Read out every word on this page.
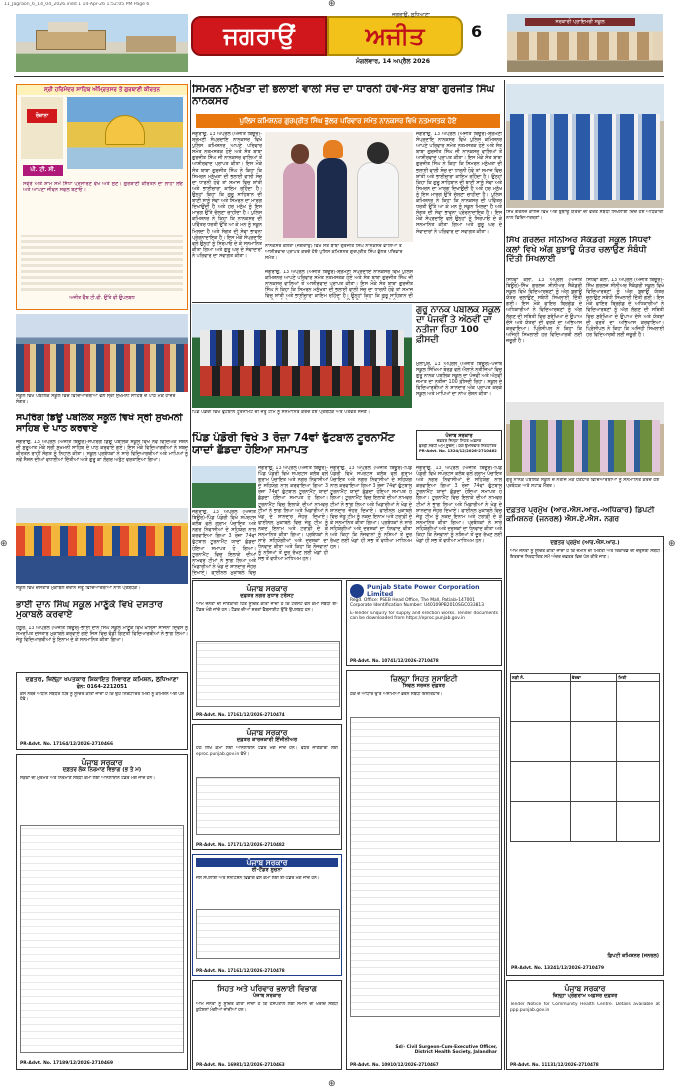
⊕
⊕	⊕
⊕
11_Jagraon_6_14_04_2026.indd 1 14-Apr-26 1:52:05 PM Page 6
ਜਗਰਾਉਂ	ਅਜੀਤ
ਜਗਰਾਉਂ, ਲੁਧਿਆਣਾ
ਮੰਗਲਵਾਰ, 14 ਅਪ੍ਰੈਲ 2026
6	ਸਰਕਾਰੀ ਪ੍ਰਾਇਮਰੀ ਸਕੂਲ
ਸ੍ਰੀ ਹਰਿਮੰਦਰ ਸਾਹਿਬ ਅੰਮ੍ਰਿਤਸਰ ਤੋਂ ਗੁਰਬਾਣੀ ਕੀਰਤਨ
ਰੋਜ਼ਾਨਾ
ਪੀ. ਟੀ. ਸੀ.
ਸਵੇਰੇ ਅਤੇ ਸ਼ਾਮ ਸਮੇਂ ਸਿੱਧਾ ਪ੍ਰਸਾਰਣ ਵੇਖੋ ਅਤੇ ਸੁਣੋ। ਗੁਰਬਾਣੀ ਕੀਰਤਨ ਦਾ ਲਾਹਾ ਲਓ ਅਤੇ ਆਪਣਾ ਜੀਵਨ ਸਫਲ ਬਣਾਓ।
ਅਜੀਤ ਵੈੱਬ ਟੀ.ਵੀ. ਉੱਤੇ ਵੀ ਉਪਲਬਧ
ਸਕੂਲ ਵਿਖੇ ਪਬਲਿਕ ਸਕੂਲ ਵਿਚ ਵਿਦਿਆਰਥੀਆਂ ਵਲੋਂ ਸ੍ਰੀ ਸੁਖਮਨੀ ਸਾਹਿਬ ਦੇ ਪਾਠ ਮੌਕੇ ਹਾਜ਼ਰ ਸੰਗਤ।
ਸਪਰਿੰਗ ਡਿਊ ਪਬਲਿਕ ਸਕੂਲ ਵਿਖੇ ਸ੍ਰੀ ਸੁਖਮਨੀ ਸਾਹਿਬ ਦੇ ਪਾਠ ਕਰਵਾਏ
ਜਗਰਾਉਂ, 13 ਅਪ੍ਰੈਲ (ਅਜੀਤ ਬਿਊਰੋ)-ਸਪਰਿੰਗ ਡਿਊ ਪਬਲਿਕ ਸਕੂਲ ਵਿਖੇ ਨਵੇਂ ਵਿੱਦਿਅਕ ਸੈਸ਼ਨ ਦੀ ਸ਼ੁਰੂਆਤ ਮੌਕੇ ਸ੍ਰੀ ਸੁਖਮਨੀ ਸਾਹਿਬ ਦੇ ਪਾਠ ਕਰਵਾਏ ਗਏ। ਇਸ ਮੌਕੇ ਵਿਦਿਆਰਥੀਆਂ ਨੇ ਸ਼ਬਦ ਕੀਰਤਨ ਰਾਹੀਂ ਸੰਗਤ ਨੂੰ ਨਿਹਾਲ ਕੀਤਾ। ਸਕੂਲ ਪ੍ਰਬੰਧਕਾਂ ਨੇ ਸਾਰੇ ਵਿਦਿਆਰਥੀਆਂ ਅਤੇ ਮਾਪਿਆਂ ਨੂੰ ਨਵੇਂ ਸੈਸ਼ਨ ਦੀਆਂ ਵਧਾਈਆਂ ਦਿੱਤੀਆਂ ਅਤੇ ਗੁਰੂ ਕਾ ਲੰਗਰ ਅਤੁੱਟ ਵਰਤਾਇਆ ਗਿਆ।
ਸਕੂਲ ਵਿਖੇ ਦਸਤਾਰ ਮੁਕਾਬਲੇ ਦੌਰਾਨ ਜੇਤੂ ਵਿਦਿਆਰਥੀਆਂ ਨਾਲ ਪ੍ਰਬੰਧਕ।
ਭਾਈ ਦਾਨ ਸਿੰਘ ਸਕੂਲ ਮਾਣੂੰਕੇ ਵਿਖੇ ਦਸਤਾਰ ਮੁਕਾਬਲੇ ਕਰਵਾਏ
ਹਠੂਰ, 13 ਅਪ੍ਰੈਲ (ਅਜੀਤ ਬਿਊਰੋ)-ਭਾਈ ਦਾਨ ਸਿੰਘ ਸਕੂਲ ਮਾਣੂੰਕੇ ਵਿਖੇ ਖ਼ਾਲਸਾ ਸਾਜਨਾ ਦਿਵਸ ਨੂੰ ਸਮਰਪਿਤ ਦਸਤਾਰ ਮੁਕਾਬਲੇ ਕਰਵਾਏ ਗਏ ਜਿਸ ਵਿਚ ਵੱਡੀ ਗਿਣਤੀ ਵਿਦਿਆਰਥੀਆਂ ਨੇ ਭਾਗ ਲਿਆ। ਜੇਤੂ ਵਿਦਿਆਰਥੀਆਂ ਨੂੰ ਇਨਾਮ ਦੇ ਕੇ ਸਨਮਾਨਿਤ ਕੀਤਾ ਗਿਆ।
ਦਫ਼ਤਰ, ਜ਼ਿਲ੍ਹਾ ਖਪਤਕਾਰ ਸ਼ਿਕਾਇਤ ਨਿਵਾਰਣ ਕਮਿਸ਼ਨ, ਲੁਧਿਆਣਾ
ਫੋਨ: 0164-2212051
ਕੇਸ ਨੰਬਰ ਅਧੀਨ ਸਬੰਧਤ ਧਿਰ ਨੂੰ ਸੂਚਿਤ ਕੀਤਾ ਜਾਂਦਾ ਹੈ ਕਿ ਉਹ ਨਿਰਧਾਰਿਤ ਮਿਤੀ ਨੂੰ ਕਮਿਸ਼ਨ ਅੱਗੇ ਪੇਸ਼ ਹੋਵੇ।
PR-Advt. No. 17164/12/2026-2710466
ਸਿਮਰਨ ਮਨੁੱਖਤਾ ਦੀ ਭਲਾਈ ਵਾਲੀ ਸੋਚ ਦਾ ਧਾਰਨੀ ਹੋਵੇ-ਸੰਤ ਬਾਬਾ ਗੁਰਜੀਤ ਸਿੰਘ ਨਾਨਕਸਰ
ਪੁਲਿਸ ਕਮਿਸ਼ਨਰ ਗੁਰਪ੍ਰੀਤ ਸਿੰਘ ਭੁੱਲਰ ਪਰਿਵਾਰ ਸਮੇਤ ਨਾਨਕਸਰ ਵਿਖੇ ਨਤਮਸਤਕ ਹੋਏ
ਜਗਰਾਉਂ, 13 ਅਪ੍ਰੈਲ (ਅਜੀਤ ਬਿਊਰੋ)-ਸ਼੍ਰੋਮਣੀ ਸੰਪ੍ਰਦਾਇ ਨਾਨਕਸਰ ਵਿਖੇ ਪੁਲਿਸ ਕਮਿਸ਼ਨਰ ਆਪਣੇ ਪਰਿਵਾਰ ਸਮੇਤ ਨਤਮਸਤਕ ਹੋਏ ਅਤੇ ਸੰਤ ਬਾਬਾ ਗੁਰਜੀਤ ਸਿੰਘ ਜੀ ਨਾਨਕਸਰ ਵਾਲਿਆਂ ਤੋਂ ਆਸ਼ੀਰਵਾਦ ਪ੍ਰਾਪਤ ਕੀਤਾ। ਇਸ ਮੌਕੇ ਸੰਤ ਬਾਬਾ ਗੁਰਜੀਤ ਸਿੰਘ ਨੇ ਕਿਹਾ ਕਿ ਸਿਮਰਨ ਮਨੁੱਖਤਾ ਦੀ ਭਲਾਈ ਵਾਲੀ ਸੋਚ ਦਾ ਧਾਰਨੀ ਹੋਵੇ ਤਾਂ ਸਮਾਜ ਵਿਚ ਸ਼ਾਂਤੀ ਅਤੇ ਭਾਈਚਾਰਾ ਕਾਇਮ ਰਹਿੰਦਾ ਹੈ। ਉਨ੍ਹਾਂ ਕਿਹਾ ਕਿ ਗੁਰੂ ਸਾਹਿਬਾਨ ਦੀ ਬਾਣੀ ਸਾਨੂੰ ਸੇਵਾ ਅਤੇ ਸਿਮਰਨ ਦਾ ਮਾਰਗ ਦਿਖਾਉਂਦੀ ਹੈ ਅਤੇ ਹਰ ਮਨੁੱਖ ਨੂੰ ਇਸ ਮਾਰਗ ਉੱਤੇ ਚੱਲਣਾ ਚਾਹੀਦਾ ਹੈ। ਪੁਲਿਸ ਕਮਿਸ਼ਨਰ ਨੇ ਕਿਹਾ ਕਿ ਨਾਨਕਸਰ ਦੀ ਪਵਿੱਤਰ ਧਰਤੀ ਉੱਤੇ ਆ ਕੇ ਮਨ ਨੂੰ ਸਕੂਨ ਮਿਲਦਾ ਹੈ ਅਤੇ ਸੰਗਤ ਦੀ ਸੇਵਾ ਭਾਵਨਾ ਪ੍ਰੇਰਨਾਦਾਇਕ ਹੈ। ਇਸ ਮੌਕੇ ਸੰਪ੍ਰਦਾਇ ਵਲੋਂ ਉਨ੍ਹਾਂ ਨੂੰ ਸਿਰੋਪਾਓ ਦੇ ਕੇ ਸਨਮਾਨਿਤ ਕੀਤਾ ਗਿਆ ਅਤੇ ਗੁਰੂ ਘਰ ਦੇ ਸੇਵਾਦਾਰਾਂ ਨੇ ਪਰਿਵਾਰ ਦਾ ਸਵਾਗਤ ਕੀਤਾ।
ਨਾਨਕਸਰ ਕਲੇਰਾਂ (ਜਗਰਾਉਂ) ਵਿਖੇ ਸੰਤ ਬਾਬਾ ਗੁਰਜੀਤ ਸਿੰਘ ਨਾਨਕਸਰ ਵਾਲਿਆਂ ਤੋਂ ਆਸ਼ੀਰਵਾਦ ਪ੍ਰਾਪਤ ਕਰਦੇ ਹੋਏ ਪੁਲਿਸ ਕਮਿਸ਼ਨਰ ਗੁਰਪ੍ਰੀਤ ਸਿੰਘ ਭੁੱਲਰ ਪਰਿਵਾਰ ਸਮੇਤ।
ਜਗਰਾਉਂ, 13 ਅਪ੍ਰੈਲ (ਅਜੀਤ ਬਿਊਰੋ)-ਸ਼੍ਰੋਮਣੀ ਸੰਪ੍ਰਦਾਇ ਨਾਨਕਸਰ ਵਿਖੇ ਪੁਲਿਸ ਕਮਿਸ਼ਨਰ ਆਪਣੇ ਪਰਿਵਾਰ ਸਮੇਤ ਨਤਮਸਤਕ ਹੋਏ ਅਤੇ ਸੰਤ ਬਾਬਾ ਗੁਰਜੀਤ ਸਿੰਘ ਜੀ ਨਾਨਕਸਰ ਵਾਲਿਆਂ ਤੋਂ ਆਸ਼ੀਰਵਾਦ ਪ੍ਰਾਪਤ ਕੀਤਾ। ਇਸ ਮੌਕੇ ਸੰਤ ਬਾਬਾ ਗੁਰਜੀਤ ਸਿੰਘ ਨੇ ਕਿਹਾ ਕਿ ਸਿਮਰਨ ਮਨੁੱਖਤਾ ਦੀ ਭਲਾਈ ਵਾਲੀ ਸੋਚ ਦਾ ਧਾਰਨੀ ਹੋਵੇ ਤਾਂ ਸਮਾਜ ਵਿਚ ਸ਼ਾਂਤੀ ਅਤੇ ਭਾਈਚਾਰਾ ਕਾਇਮ ਰਹਿੰਦਾ ਹੈ। ਉਨ੍ਹਾਂ ਕਿਹਾ ਕਿ ਗੁਰੂ ਸਾਹਿਬਾਨ ਦੀ ਬਾਣੀ ਸਾਨੂੰ ਸੇਵਾ ਅਤੇ ਸਿਮਰਨ ਦਾ ਮਾਰਗ ਦਿਖਾਉਂਦੀ ਹੈ ਅਤੇ ਹਰ ਮਨੁੱਖ ਨੂੰ ਇਸ ਮਾਰਗ ਉੱਤੇ ਚੱਲਣਾ ਚਾਹੀਦਾ ਹੈ। ਪੁਲਿਸ ਕਮਿਸ਼ਨਰ ਨੇ ਕਿਹਾ ਕਿ ਨਾਨਕਸਰ ਦੀ ਪਵਿੱਤਰ ਧਰਤੀ ਉੱਤੇ ਆ ਕੇ ਮਨ ਨੂੰ ਸਕੂਨ ਮਿਲਦਾ ਹੈ ਅਤੇ ਸੰਗਤ ਦੀ ਸੇਵਾ ਭਾਵਨਾ ਪ੍ਰੇਰਨਾਦਾਇਕ ਹੈ। ਇਸ ਮੌਕੇ ਸੰਪ੍ਰਦਾਇ ਵਲੋਂ ਉਨ੍ਹਾਂ ਨੂੰ ਸਿਰੋਪਾਓ ਦੇ ਕੇ ਸਨਮਾਨਿਤ ਕੀਤਾ ਗਿਆ ਅਤੇ ਗੁਰੂ ਘਰ ਦੇ ਸੇਵਾਦਾਰਾਂ ਨੇ ਪਰਿਵਾਰ ਦਾ ਸਵਾਗਤ ਕੀਤਾ।
ਜਗਰਾਉਂ, 13 ਅਪ੍ਰੈਲ (ਅਜੀਤ ਬਿਊਰੋ)-ਸ਼੍ਰੋਮਣੀ ਸੰਪ੍ਰਦਾਇ ਨਾਨਕਸਰ ਵਿਖੇ ਪੁਲਿਸ ਕਮਿਸ਼ਨਰ ਆਪਣੇ ਪਰਿਵਾਰ ਸਮੇਤ ਨਤਮਸਤਕ ਹੋਏ ਅਤੇ ਸੰਤ ਬਾਬਾ ਗੁਰਜੀਤ ਸਿੰਘ ਜੀ ਨਾਨਕਸਰ ਵਾਲਿਆਂ ਤੋਂ ਆਸ਼ੀਰਵਾਦ ਪ੍ਰਾਪਤ ਕੀਤਾ। ਇਸ ਮੌਕੇ ਸੰਤ ਬਾਬਾ ਗੁਰਜੀਤ ਸਿੰਘ ਨੇ ਕਿਹਾ ਕਿ ਸਿਮਰਨ ਮਨੁੱਖਤਾ ਦੀ ਭਲਾਈ ਵਾਲੀ ਸੋਚ ਦਾ ਧਾਰਨੀ ਹੋਵੇ ਤਾਂ ਸਮਾਜ ਵਿਚ ਸ਼ਾਂਤੀ ਅਤੇ ਭਾਈਚਾਰਾ ਕਾਇਮ ਰਹਿੰਦਾ ਹੈ। ਉਨ੍ਹਾਂ ਕਿਹਾ ਕਿ ਗੁਰੂ ਸਾਹਿਬਾਨ ਦੀ
ਗੁਰੂ ਨਾਨਕ ਪਬਲਿਕ ਸਕੂਲ ਦਾ ਪੰਜਵੀਂ ਤੇ ਅੱਠਵੀਂ ਦਾ ਨਤੀਜਾ ਰਿਹਾ 100 ਫ਼ੀਸਦੀ
ਮੁੱਲਾਂਪੁਰ, 13 ਅਪ੍ਰੈਲ (ਅਜੀਤ ਬਿਊਰੋ)-ਪੰਜਾਬ ਸਕੂਲ ਸਿੱਖਿਆ ਬੋਰਡ ਵਲੋਂ ਐਲਾਨੇ ਨਤੀਜਿਆਂ ਵਿਚ ਗੁਰੂ ਨਾਨਕ ਪਬਲਿਕ ਸਕੂਲ ਦਾ ਪੰਜਵੀਂ ਅਤੇ ਅੱਠਵੀਂ ਜਮਾਤ ਦਾ ਨਤੀਜਾ 100 ਫ਼ੀਸਦੀ ਰਿਹਾ। ਸਕੂਲ ਦੇ ਵਿਦਿਆਰਥੀਆਂ ਨੇ ਸ਼ਾਨਦਾਰ ਅੰਕ ਪ੍ਰਾਪਤ ਕਰਕੇ ਸਕੂਲ ਅਤੇ ਮਾਪਿਆਂ ਦਾ ਨਾਂਅ ਰੌਸ਼ਨ ਕੀਤਾ।
ਪਿੰਡ ਪੰਡੋਰੀ ਵਿਖੇ ਫੁੱਟਬਾਲ ਟੂਰਨਾਮੈਂਟ ਦੀ ਜੇਤੂ ਟੀਮ ਨੂੰ ਸਨਮਾਨਿਤ ਕਰਦੇ ਹੋਏ ਪ੍ਰਬੰਧਕ ਅਤੇ ਪਤਵੰਤੇ ਸੱਜਣ।
ਪਿੰਡ ਪੰਡੋਰੀ ਵਿਖੇ 3 ਰੋਜ਼ਾ 74ਵਾਂ ਫੁੱਟਬਾਲ ਟੂਰਨਾਮੈਂਟ ਯਾਦਾਂ ਛੱਡਦਾ ਹੋਇਆ ਸਮਾਪਤ
ਜਗਰਾਉਂ, 13 ਅਪ੍ਰੈਲ (ਅਜੀਤ ਬਿਊਰੋ)-ਪਿੰਡ ਪੰਡੋਰੀ ਵਿਖੇ ਸਪੋਰਟਸ ਕਲੱਬ ਵਲੋਂ ਗ੍ਰਾਮ ਪੰਚਾਇਤ ਅਤੇ ਨਗਰ ਨਿਵਾਸੀਆਂ ਦੇ ਸਹਿਯੋਗ ਨਾਲ ਕਰਵਾਇਆ ਗਿਆ 3 ਰੋਜ਼ਾ 74ਵਾਂ ਫੁੱਟਬਾਲ ਟੂਰਨਾਮੈਂਟ ਯਾਦਾਂ ਛੱਡਦਾ ਹੋਇਆ ਸਮਾਪਤ ਹੋ ਗਿਆ। ਟੂਰਨਾਮੈਂਟ ਵਿਚ ਇਲਾਕੇ ਦੀਆਂ ਨਾਮਵਰ ਟੀਮਾਂ ਨੇ ਭਾਗ ਲਿਆ ਅਤੇ ਖਿਡਾਰੀਆਂ ਨੇ ਖੇਡ ਦੇ ਸ਼ਾਨਦਾਰ ਜੌਹਰ ਦਿਖਾਏ। ਫਾਈਨਲ ਮੁਕਾਬਲੇ ਵਿਚ ਜੇਤੂ ਟੀਮ ਨੂੰ ਨਕਦ ਇਨਾਮ ਅਤੇ ਟਰਾਫ਼ੀ ਦੇ ਕੇ ਸਨਮਾਨਿਤ ਕੀਤਾ ਗਿਆ। ਪ੍ਰਬੰਧਕਾਂ ਨੇ ਸਾਰੇ ਸਹਿਯੋਗੀਆਂ ਅਤੇ ਦਰਸ਼ਕਾਂ ਦਾ ਧੰਨਵਾਦ ਕੀਤਾ ਅਤੇ ਕਿਹਾ ਕਿ ਨੌਜਵਾਨਾਂ ਨੂੰ ਨਸ਼ਿਆਂ ਤੋਂ ਦੂਰ ਰੱਖਣ ਲਈ ਖੇਡਾਂ ਹੀ ਸਭ ਤੋਂ ਵਧੀਆ ਮਾਧਿਅਮ ਹਨ।
ਜਗਰਾਉਂ, 13 ਅਪ੍ਰੈਲ (ਅਜੀਤ ਬਿਊਰੋ)-ਪਿੰਡ ਪੰਡੋਰੀ ਵਿਖੇ ਸਪੋਰਟਸ ਕਲੱਬ ਵਲੋਂ ਗ੍ਰਾਮ ਪੰਚਾਇਤ ਅਤੇ ਨਗਰ ਨਿਵਾਸੀਆਂ ਦੇ ਸਹਿਯੋਗ ਨਾਲ ਕਰਵਾਇਆ ਗਿਆ 3 ਰੋਜ਼ਾ 74ਵਾਂ ਫੁੱਟਬਾਲ ਟੂਰਨਾਮੈਂਟ ਯਾਦਾਂ ਛੱਡਦਾ ਹੋਇਆ ਸਮਾਪਤ ਹੋ ਗਿਆ। ਟੂਰਨਾਮੈਂਟ ਵਿਚ ਇਲਾਕੇ ਦੀਆਂ ਨਾਮਵਰ ਟੀਮਾਂ ਨੇ ਭਾਗ ਲਿਆ ਅਤੇ ਖਿਡਾਰੀਆਂ ਨੇ ਖੇਡ ਦੇ ਸ਼ਾਨਦਾਰ ਜੌਹਰ ਦਿਖਾਏ। ਫਾਈਨਲ ਮੁਕਾਬਲੇ ਵਿਚ
ਜਗਰਾਉਂ, 13 ਅਪ੍ਰੈਲ (ਅਜੀਤ ਬਿਊਰੋ)-ਪਿੰਡ ਪੰਡੋਰੀ ਵਿਖੇ ਸਪੋਰਟਸ ਕਲੱਬ ਵਲੋਂ ਗ੍ਰਾਮ ਪੰਚਾਇਤ ਅਤੇ ਨਗਰ ਨਿਵਾਸੀਆਂ ਦੇ ਸਹਿਯੋਗ ਨਾਲ ਕਰਵਾਇਆ ਗਿਆ 3 ਰੋਜ਼ਾ 74ਵਾਂ ਫੁੱਟਬਾਲ ਟੂਰਨਾਮੈਂਟ ਯਾਦਾਂ ਛੱਡਦਾ ਹੋਇਆ ਸਮਾਪਤ ਹੋ ਗਿਆ। ਟੂਰਨਾਮੈਂਟ ਵਿਚ ਇਲਾਕੇ ਦੀਆਂ ਨਾਮਵਰ ਟੀਮਾਂ ਨੇ ਭਾਗ ਲਿਆ ਅਤੇ ਖਿਡਾਰੀਆਂ ਨੇ ਖੇਡ ਦੇ ਸ਼ਾਨਦਾਰ ਜੌਹਰ ਦਿਖਾਏ। ਫਾਈਨਲ ਮੁਕਾਬਲੇ ਵਿਚ ਜੇਤੂ ਟੀਮ ਨੂੰ ਨਕਦ ਇਨਾਮ ਅਤੇ ਟਰਾਫ਼ੀ ਦੇ ਕੇ ਸਨਮਾਨਿਤ ਕੀਤਾ ਗਿਆ। ਪ੍ਰਬੰਧਕਾਂ ਨੇ ਸਾਰੇ ਸਹਿਯੋਗੀਆਂ ਅਤੇ ਦਰਸ਼ਕਾਂ ਦਾ ਧੰਨਵਾਦ ਕੀਤਾ ਅਤੇ ਕਿਹਾ ਕਿ ਨੌਜਵਾਨਾਂ ਨੂੰ ਨਸ਼ਿਆਂ ਤੋਂ ਦੂਰ ਰੱਖਣ ਲਈ ਖੇਡਾਂ ਹੀ ਸਭ ਤੋਂ ਵਧੀਆ ਮਾਧਿਅਮ ਹਨ।
ਜਗਰਾਉਂ, 13 ਅਪ੍ਰੈਲ (ਅਜੀਤ ਬਿਊਰੋ)-ਪਿੰਡ ਪੰਡੋਰੀ ਵਿਖੇ ਸਪੋਰਟਸ ਕਲੱਬ ਵਲੋਂ ਗ੍ਰਾਮ ਪੰਚਾਇਤ ਅਤੇ ਨਗਰ ਨਿਵਾਸੀਆਂ ਦੇ ਸਹਿਯੋਗ ਨਾਲ ਕਰਵਾਇਆ ਗਿਆ 3 ਰੋਜ਼ਾ 74ਵਾਂ ਫੁੱਟਬਾਲ ਟੂਰਨਾਮੈਂਟ ਯਾਦਾਂ ਛੱਡਦਾ ਹੋਇਆ ਸਮਾਪਤ ਹੋ ਗਿਆ। ਟੂਰਨਾਮੈਂਟ ਵਿਚ ਇਲਾਕੇ ਦੀਆਂ ਨਾਮਵਰ ਟੀਮਾਂ ਨੇ ਭਾਗ ਲਿਆ ਅਤੇ ਖਿਡਾਰੀਆਂ ਨੇ ਖੇਡ ਦੇ ਸ਼ਾਨਦਾਰ ਜੌਹਰ ਦਿਖਾਏ। ਫਾਈਨਲ ਮੁਕਾਬਲੇ ਵਿਚ ਜੇਤੂ ਟੀਮ ਨੂੰ ਨਕਦ ਇਨਾਮ ਅਤੇ ਟਰਾਫ਼ੀ ਦੇ ਕੇ ਸਨਮਾਨਿਤ ਕੀਤਾ ਗਿਆ। ਪ੍ਰਬੰਧਕਾਂ ਨੇ ਸਾਰੇ ਸਹਿਯੋਗੀਆਂ ਅਤੇ ਦਰਸ਼ਕਾਂ ਦਾ ਧੰਨਵਾਦ ਕੀਤਾ ਅਤੇ ਕਿਹਾ ਕਿ ਨੌਜਵਾਨਾਂ ਨੂੰ ਨਸ਼ਿਆਂ ਤੋਂ ਦੂਰ ਰੱਖਣ ਲਈ ਖੇਡਾਂ ਹੀ ਸਭ ਤੋਂ ਵਧੀਆ ਮਾਧਿਅਮ ਹਨ।
ਸਿੱਖ ਗਰਲਜ਼ ਕਾਲਜ ਵਿਖੇ ਅੱਗ ਬੁਝਾਊ ਯੰਤਰਾਂ ਦੀ ਵਰਤੋਂ ਸਬੰਧੀ ਸਿਖਲਾਈ ਦਿੰਦੇ ਹੋਏ ਅਧਿਕਾਰੀ ਨਾਲ ਵਿਦਿਆਰਥਣਾਂ।
ਸਿੱਖ ਗਰਲਜ਼ ਸੀਨੀਅਰ ਸੈਕੰਡਰੀ ਸਕੂਲ ਸਿੱਧਵਾਂ ਕਲਾਂ ਵਿਖੇ ਅੱਗ ਬੁਝਾਊ ਯੰਤਰ ਚਲਾਉਣ ਸੰਬੰਧੀ ਦਿੱਤੀ ਸਿਖਲਾਈ
ਸਿੱਧਵਾਂ ਕਲਾਂ, 13 ਅਪ੍ਰੈਲ (ਅਜੀਤ ਬਿਊਰੋ)-ਸਿੱਖ ਗਰਲਜ਼ ਸੀਨੀਅਰ ਸੈਕੰਡਰੀ ਸਕੂਲ ਵਿਖੇ ਵਿਦਿਆਰਥਣਾਂ ਨੂੰ ਅੱਗ ਬੁਝਾਊ ਯੰਤਰ ਚਲਾਉਣ ਸਬੰਧੀ ਸਿਖਲਾਈ ਦਿੱਤੀ ਗਈ। ਇਸ ਮੌਕੇ ਫਾਇਰ ਬ੍ਰਿਗੇਡ ਦੇ ਅਧਿਕਾਰੀਆਂ ਨੇ ਵਿਦਿਆਰਥਣਾਂ ਨੂੰ ਅੱਗ ਲੱਗਣ ਦੀ ਸਥਿਤੀ ਵਿਚ ਸੁਰੱਖਿਆ ਦੇ ਉਪਾਅ ਦੱਸੇ ਅਤੇ ਯੰਤਰਾਂ ਦੀ ਵਰਤੋਂ ਦਾ ਅਭਿਆਸ ਕਰਵਾਇਆ। ਪ੍ਰਿੰਸੀਪਲ ਨੇ ਕਿਹਾ ਕਿ ਅਜਿਹੀ ਸਿਖਲਾਈ ਹਰ ਵਿਦਿਆਰਥੀ ਲਈ ਜ਼ਰੂਰੀ ਹੈ।
ਸਿੱਧਵਾਂ ਕਲਾਂ, 13 ਅਪ੍ਰੈਲ (ਅਜੀਤ ਬਿਊਰੋ)-ਸਿੱਖ ਗਰਲਜ਼ ਸੀਨੀਅਰ ਸੈਕੰਡਰੀ ਸਕੂਲ ਵਿਖੇ ਵਿਦਿਆਰਥਣਾਂ ਨੂੰ ਅੱਗ ਬੁਝਾਊ ਯੰਤਰ ਚਲਾਉਣ ਸਬੰਧੀ ਸਿਖਲਾਈ ਦਿੱਤੀ ਗਈ। ਇਸ ਮੌਕੇ ਫਾਇਰ ਬ੍ਰਿਗੇਡ ਦੇ ਅਧਿਕਾਰੀਆਂ ਨੇ ਵਿਦਿਆਰਥਣਾਂ ਨੂੰ ਅੱਗ ਲੱਗਣ ਦੀ ਸਥਿਤੀ ਵਿਚ ਸੁਰੱਖਿਆ ਦੇ ਉਪਾਅ ਦੱਸੇ ਅਤੇ ਯੰਤਰਾਂ ਦੀ ਵਰਤੋਂ ਦਾ ਅਭਿਆਸ ਕਰਵਾਇਆ। ਪ੍ਰਿੰਸੀਪਲ ਨੇ ਕਿਹਾ ਕਿ ਅਜਿਹੀ ਸਿਖਲਾਈ ਹਰ ਵਿਦਿਆਰਥੀ ਲਈ ਜ਼ਰੂਰੀ ਹੈ।
ਗੁਰੂ ਨਾਨਕ ਪਬਲਿਕ ਸਕੂਲ ਦੇ ਨਤੀਜੇ ਮੌਕੇ ਹੋਣਹਾਰ ਵਿਦਿਆਰਥੀਆਂ ਨੂੰ ਸਨਮਾਨਿਤ ਕਰਦੇ ਹੋਏ ਪ੍ਰਬੰਧਕ ਅਤੇ ਸਟਾਫ਼ ਮੈਂਬਰ।
ਦਫ਼ਤਰ ਪ੍ਰਮੁੱਖ (ਆਰ.ਐਸ.ਆਰ.-ਅਧਿਕਾਰ) ਡਿਪਟੀ ਕਮਿਸ਼ਨਰ (ਜਨਰਲ) ਐਸ.ਏ.ਐਸ. ਨਗਰ
ਦਫ਼ਤਰ ਪ੍ਰਮੁੱਖ (ਆਰ.ਐਸ.ਆਰ.)
ਆਮ ਜਨਤਾ ਨੂੰ ਸੂਚਿਤ ਕੀਤਾ ਜਾਂਦਾ ਹੈ ਕਿ ਜ਼ਮੀਨ ਦੀ ਮਿਣਤੀ ਅਤੇ ਰਿਕਾਰਡ ਦੀ ਦਰੁਸਤੀ ਸਬੰਧੀ ਇਤਰਾਜ਼ ਨਿਰਧਾਰਿਤ ਸਮੇਂ ਅੰਦਰ ਦਫ਼ਤਰ ਵਿਚ ਪੇਸ਼ ਕੀਤੇ ਜਾਣ।
ਲੜੀ ਨੰ.	ਵੇਰਵਾ	ਮਿਤੀ

ਡਿਪਟੀ ਕਮਿਸ਼ਨਰ (ਜਨਰਲ)
PR-Advt. No. 13241/12/2026-2710479
ਪੰਜਾਬ ਸਰਕਾਰ
ਦਫ਼ਤਰ ਲੋਕ ਨਿਰਮਾਣ ਵਿਭਾਗ (ਭ ਤੇ ਮ)
ਸੜਕਾਂ ਦੀ ਮੁਰੰਮਤ ਅਤੇ ਨਿਰਮਾਣ ਸਬੰਧੀ ਕੰਮਾਂ ਲਈ ਆਨਲਾਈਨ ਟੈਂਡਰ ਮੰਗੇ ਜਾਂਦੇ ਹਨ।
PR-Advt. No. 17189/12/2026-2710469
ਪੰਜਾਬ ਸਰਕਾਰ
ਦਫ਼ਤਰ ਨਗਰ ਸੁਧਾਰ ਟਰੱਸਟ
ਆਮ ਜਨਤਾ ਦੀ ਜਾਣਕਾਰੀ ਹਿੱਤ ਸੂਚਿਤ ਕੀਤਾ ਜਾਂਦਾ ਹੈ ਕਿ ਟਰੱਸਟ ਵਲੋਂ ਕੰਮਾਂ ਸਬੰਧੀ ਈ-ਟੈਂਡਰ ਮੰਗੇ ਜਾਂਦੇ ਹਨ। ਟੈਂਡਰ ਦੀਆਂ ਸ਼ਰਤਾਂ ਵੈੱਬਸਾਈਟ ਉੱਤੇ ਉਪਲਬਧ ਹਨ।
PR-Advt. No. 17161/12/2026-2710474
ਪੰਜਾਬ ਸਰਕਾਰ
ਦਫ਼ਤਰ ਕਾਰਜਕਾਰੀ ਇੰਜੀਨੀਅਰ
ਹੇਠ ਲਿਖੇ ਕੰਮਾਂ ਲਈ ਆਨਲਾਈਨ ਟੈਂਡਰ ਮੰਗੇ ਜਾਂਦੇ ਹਨ। ਵਧੇਰੇ ਜਾਣਕਾਰੀ ਲਈ eproc.punjab.gov.in ਵੇਖੋ।
PR-Advt. No. 17171/12/2026-2710482
ਪੰਜਾਬ ਸਰਕਾਰ
ਈ-ਟੈਂਡਰ ਸੂਚਨਾ
ਜਲ ਸਪਲਾਈ ਅਤੇ ਸੈਨੀਟੇਸ਼ਨ ਵਿਭਾਗ ਵਲੋਂ ਕੰਮਾਂ ਲਈ ਈ-ਟੈਂਡਰ ਮੰਗੇ ਜਾਂਦੇ ਹਨ।
PR-Advt. No. 17161/12/2026-2710478
ਸਿਹਤ ਅਤੇ ਪਰਿਵਾਰ ਭਲਾਈ ਵਿਭਾਗ
ਪੰਜਾਬ ਸਰਕਾਰ
ਆਮ ਜਨਤਾ ਨੂੰ ਸੂਚਿਤ ਕੀਤਾ ਜਾਂਦਾ ਹੈ ਕਿ ਹਸਪਤਾਲ ਲਈ ਸਮਾਨ ਦੀ ਖਰੀਦ ਸਬੰਧੀ ਕੁਟੇਸ਼ਨਾਂ ਮੰਗੀਆਂ ਜਾਂਦੀਆਂ ਹਨ।
PR-Advt. No. 16981/12/2026-2710463
Punjab State Power Corporation Limited
Regd. Office: PSEB Head Office, The Mall, Patiala-147001
Corporate Identification Number: U40109PB2010SGC033813
E-Tender Enquiry for supply and erection works. Tender documents can be downloaded from https://eproc.punjab.gov.in
PR-Advt. No. 10741/12/2026-2710478
ਜ਼ਿਲ੍ਹਾ ਸਿਹਤ ਸੁਸਾਇਟੀ
ਸਿਵਲ ਸਰਜਨ ਦਫ਼ਤਰ
ਠੇਕੇ ਦੇ ਆਧਾਰ ਉੱਤੇ ਅਸਾਮੀਆਂ ਭਰਨ ਸਬੰਧੀ ਇਸ਼ਤਿਹਾਰ।
Sd/- Civil Surgeon-Cum-Executive Officer, District Health Society, Jalandhar
PR-Advt. No. 10910/12/2026-2710467
ਪੰਜਾਬ ਸਰਕਾਰ
ਜ਼ਿਲ੍ਹਾ ਪ੍ਰੋਗਰਾਮ ਅਫ਼ਸਰ ਦਫ਼ਤਰ
Tender Notice for Community Health Centre. Details available at ppp.punjab.gov.in
PR-Advt. No. 11131/12/2026-2710478
ਪੰਜਾਬ ਸਰਕਾਰ
ਦਫ਼ਤਰ ਜ਼ਿਲ੍ਹਾ ਸਿਹਤ ਅਫ਼ਸਰ
ਭਰਤੀ ਸਬੰਧੀ ਆਮ ਸੂਚਨਾ। ਯੋਗ ਉਮੀਦਵਾਰ ਨਿਰਧਾਰਿਤ
PR-Advt. No. 1324/12/2026-2710462
